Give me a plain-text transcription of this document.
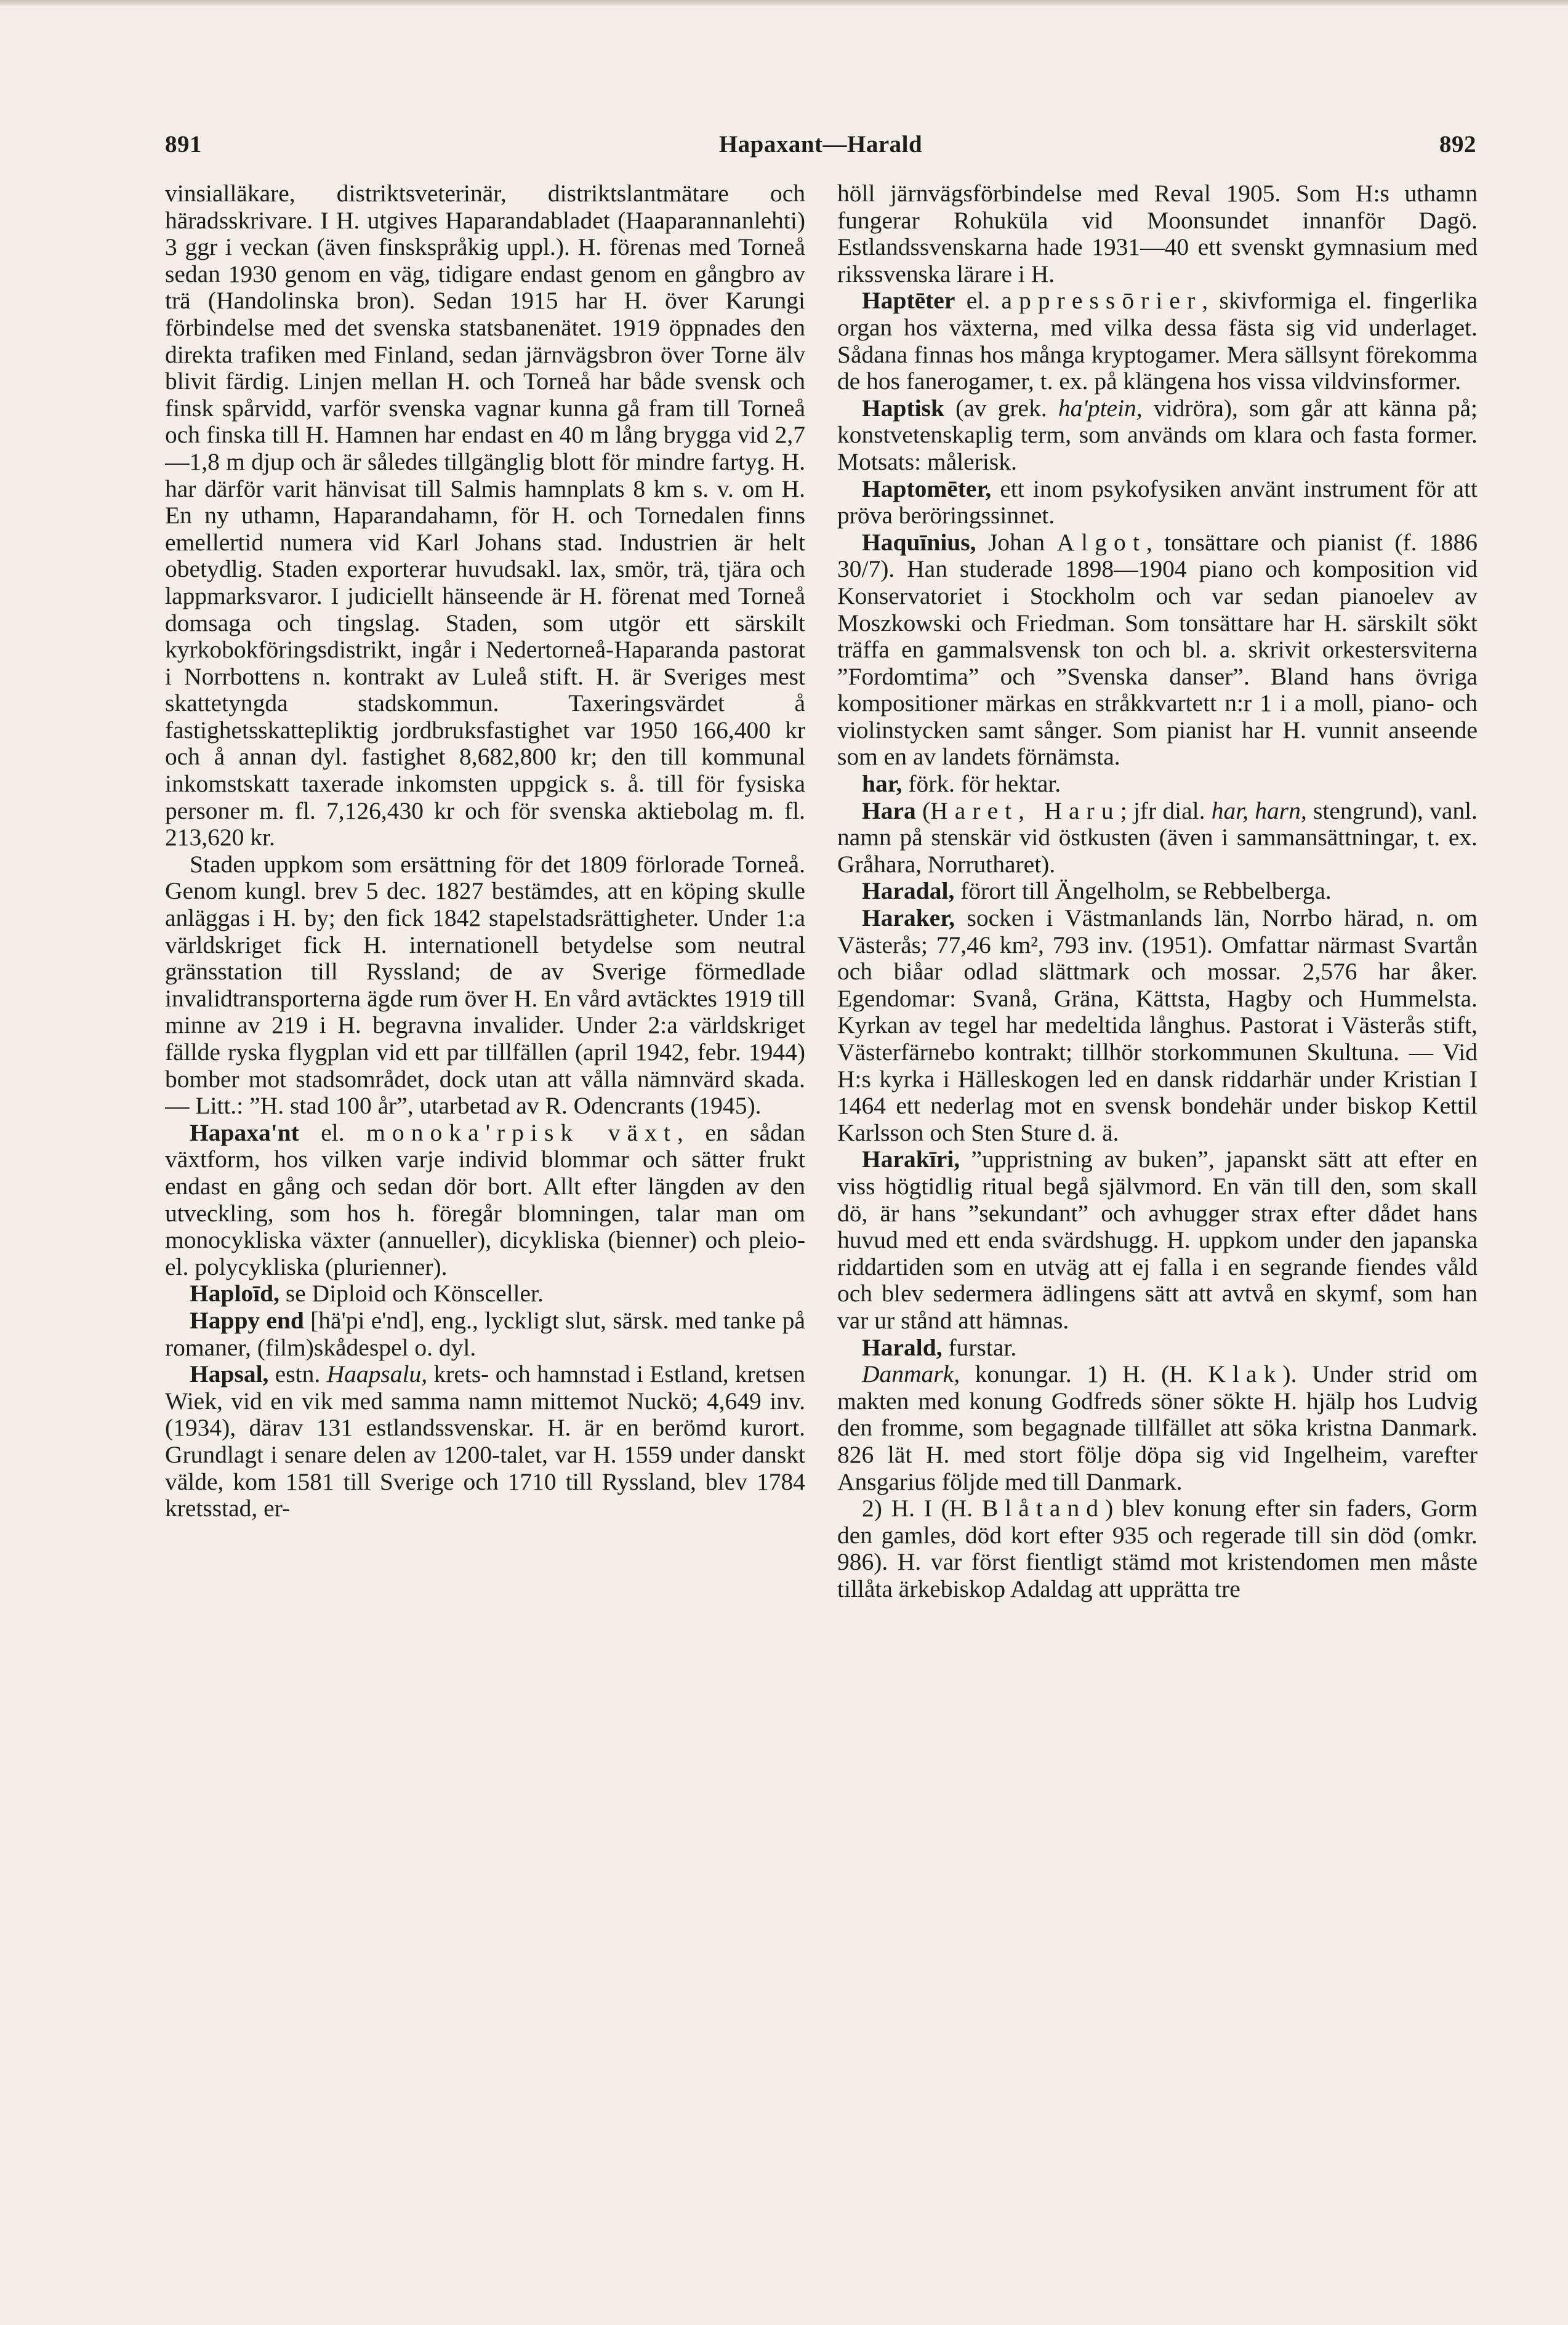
891	Hapaxant—Harald	892

vinsialläkare, distriktsveterinär, distriktslantmätare och häradsskrivare. I H. utgives Haparandabladet (Haaparannanlehti) 3 ggr i veckan (även finskspråkig uppl.). H. förenas med Torneå sedan 1930 genom en väg, tidigare endast genom en gångbro av trä (Handolinska bron). Sedan 1915 har H. över Karungi förbindelse med det svenska statsbanenätet. 1919 öppnades den direkta trafiken med Finland, sedan järnvägsbron över Torne älv blivit färdig. Linjen mellan H. och Torneå har både svensk och finsk spårvidd, varför svenska vagnar kunna gå fram till Torneå och finska till H. Hamnen har endast en 40 m lång brygga vid 2,7—1,8 m djup och är således tillgänglig blott för mindre fartyg. H. har därför varit hänvisat till Salmis hamnplats 8 km s. v. om H. En ny uthamn, Haparandahamn, för H. och Tornedalen finns emellertid numera vid Karl Johans stad. Industrien är helt obetydlig. Staden exporterar huvudsakl. lax, smör, trä, tjära och lappmarksvaror. I judiciellt hänseende är H. förenat med Torneå domsaga och tingslag. Staden, som utgör ett särskilt kyrkobokföringsdistrikt, ingår i Nedertorneå-Haparanda pastorat i Norrbottens n. kontrakt av Luleå stift. H. är Sveriges mest skattetyngda stadskommun. Taxeringsvärdet å fastighetsskattepliktig jordbruksfastighet var 1950 166,400 kr och å annan dyl. fastighet 8,682,800 kr; den till kommunal inkomstskatt taxerade inkomsten uppgick s. å. till för fysiska personer m. fl. 7,126,430 kr och för svenska aktiebolag m. fl. 213,620 kr.

Staden uppkom som ersättning för det 1809 förlorade Torneå. Genom kungl. brev 5 dec. 1827 bestämdes, att en köping skulle anläggas i H. by; den fick 1842 stapelstadsrättigheter. Under 1:a världskriget fick H. internationell betydelse som neutral gränsstation till Ryssland; de av Sverige förmedlade invalidtransporterna ägde rum över H. En vård avtäcktes 1919 till minne av 219 i H. begravna invalider. Under 2:a världskriget fällde ryska flygplan vid ett par tillfällen (april 1942, febr. 1944) bomber mot stadsområdet, dock utan att vålla nämnvärd skada. — Litt.: ”H. stad 100 år”, utarbetad av R. Odencrants (1945).

Hapaxa'nt el. monoka'rpisk växt, en sådan växtform, hos vilken varje individ blommar och sätter frukt endast en gång och sedan dör bort. Allt efter längden av den utveckling, som hos h. föregår blomningen, talar man om monocykliska växter (annueller), dicykliska (bienner) och pleio- el. polycykliska (plurienner).

Haploīd, se Diploid och Könsceller.

Happy end [hä'pi e'nd], eng., lyckligt slut, särsk. med tanke på romaner, (film)skådespel o. dyl.

Hapsal, estn. Haapsalu, krets- och hamnstad i Estland, kretsen Wiek, vid en vik med samma namn mittemot Nuckö; 4,649 inv. (1934), därav 131 estlandssvenskar. H. är en berömd kurort. Grundlagt i senare delen av 1200-talet, var H. 1559 under danskt välde, kom 1581 till Sverige och 1710 till Ryssland, blev 1784 kretsstad, er-

höll järnvägsförbindelse med Reval 1905. Som H:s uthamn fungerar Rohuküla vid Moonsundet innanför Dagö. Estlandssvenskarna hade 1931—40 ett svenskt gymnasium med rikssvenska lärare i H.

Haptēter el. appressōrier, skivformiga el. fingerlika organ hos växterna, med vilka dessa fästa sig vid underlaget. Sådana finnas hos många kryptogamer. Mera sällsynt förekomma de hos fanerogamer, t. ex. på klängena hos vissa vildvinsformer.

Haptisk (av grek. ha'ptein, vidröra), som går att känna på; konstvetenskaplig term, som används om klara och fasta former. Motsats: målerisk.

Haptomēter, ett inom psykofysiken använt instrument för att pröva beröringssinnet.

Haquīnius, Johan Algot, tonsättare och pianist (f. 1886 30/7). Han studerade 1898—1904 piano och komposition vid Konservatoriet i Stockholm och var sedan pianoelev av Moszkowski och Friedman. Som tonsättare har H. särskilt sökt träffa en gammalsvensk ton och bl. a. skrivit orkestersviterna ”Fordomtima” och ”Svenska danser”. Bland hans övriga kompositioner märkas en stråkkvartett n:r 1 i a moll, piano- och violinstycken samt sånger. Som pianist har H. vunnit anseende som en av landets förnämsta.

har, förk. för hektar.

Hara (Haret, Haru; jfr dial. har, harn, stengrund), vanl. namn på stenskär vid östkusten (även i sammansättningar, t. ex. Gråhara, Norrutharet).

Haradal, förort till Ängelholm, se Rebbelberga.

Haraker, socken i Västmanlands län, Norrbo härad, n. om Västerås; 77,46 km², 793 inv. (1951). Omfattar närmast Svartån och biåar odlad slättmark och mossar. 2,576 har åker. Egendomar: Svanå, Gräna, Kättsta, Hagby och Hummelsta. Kyrkan av tegel har medeltida långhus. Pastorat i Västerås stift, Västerfärnebo kontrakt; tillhör storkommunen Skultuna. — Vid H:s kyrka i Hälleskogen led en dansk riddarhär under Kristian I 1464 ett nederlag mot en svensk bondehär under biskop Kettil Karlsson och Sten Sture d. ä.

Harakīri, ”uppristning av buken”, japanskt sätt att efter en viss högtidlig ritual begå självmord. En vän till den, som skall dö, är hans ”sekundant” och avhugger strax efter dådet hans huvud med ett enda svärdshugg. H. uppkom under den japanska riddartiden som en utväg att ej falla i en segrande fiendes våld och blev sedermera ädlingens sätt att avtvå en skymf, som han var ur stånd att hämnas.

Harald, furstar.

Danmark, konungar. 1) H. (H. Klak). Under strid om makten med konung Godfreds söner sökte H. hjälp hos Ludvig den fromme, som begagnade tillfället att söka kristna Danmark. 826 lät H. med stort följe döpa sig vid Ingelheim, varefter Ansgarius följde med till Danmark.

2) H. I (H. Blåtand) blev konung efter sin faders, Gorm den gamles, död kort efter 935 och regerade till sin död (omkr. 986). H. var först fientligt stämd mot kristendomen men måste tillåta ärkebiskop Adaldag att upprätta tre
